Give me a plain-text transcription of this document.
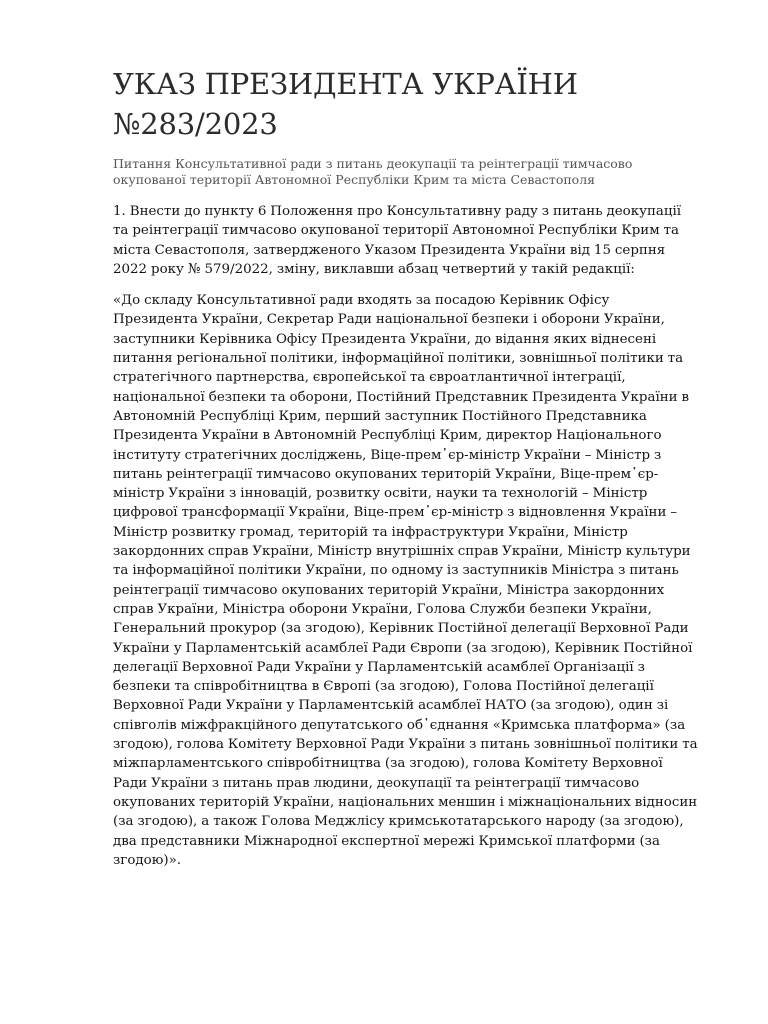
УКАЗ ПРЕЗИДЕНТА УКРАЇНИ №283/2023

Питання Консультативної ради з питань деокупації та реінтеграції тимчасово окупованої території Автономної Республіки Крим та міста Севастополя

1. Внести до пункту 6 Положення про Консультативну раду з питань деокупації та реінтеграції тимчасово окупованої території Автономної Республіки Крим та міста Севастополя, затвердженого Указом Президента України від 15 серпня 2022 року № 579/2022, зміну, виклавши абзац четвертий у такій редакції:

«До складу Консультативної ради входять за посадою Керівник Офісу Президента України, Секретар Ради національної безпеки і оборони України, заступники Керівника Офісу Президента України, до відання яких віднесені питання регіональної політики, інформаційної політики, зовнішньої політики та стратегічного партнерства, європейської та євроатлантичної інтеграції, національної безпеки та оборони, Постійний Представник Президента України в Автономній Республіці Крим, перший заступник Постійного Представника Президента України в Автономній Республіці Крим, директор Національного інституту стратегічних досліджень, Віце-прем᾽єр-міністр України – Міністр з питань реінтеграції тимчасово окупованих територій України, Віце-прем᾽єр-міністр України з інновацій, розвитку освіти, науки та технологій – Міністр цифрової трансформації України, Віце-прем᾽єр-міністр з відновлення України – Міністр розвитку громад, територій та інфраструктури України, Міністр закордонних справ України, Міністр внутрішніх справ України, Міністр культури та інформаційної політики України, по одному із заступників Міністра з питань реінтеграції тимчасово окупованих територій України, Міністра закордонних справ України, Міністра оборони України, Голова Служби безпеки України, Генеральний прокурор (за згодою), Керівник Постійної делегації Верховної Ради України у Парламентській асамблеї Ради Європи (за згодою), Керівник Постійної делегації Верховної Ради України у Парламентській асамблеї Організації з безпеки та співробітництва в Європі (за згодою), Голова Постійної делегації Верховної Ради України у Парламентській асамблеї НАТО (за згодою), один зі співголів міжфракційного депутатського об᾽єднання «Кримська платформа» (за згодою), голова Комітету Верховної Ради України з питань зовнішньої політики та міжпарламентського співробітництва (за згодою), голова Комітету Верховної Ради України з питань прав людини, деокупації та реінтеграції тимчасово окупованих територій України, національних меншин і міжнаціональних відносин (за згодою), а також Голова Меджлісу кримськотатарського народу (за згодою), два представники Міжнародної експертної мережі Кримської платформи (за згодою)».
